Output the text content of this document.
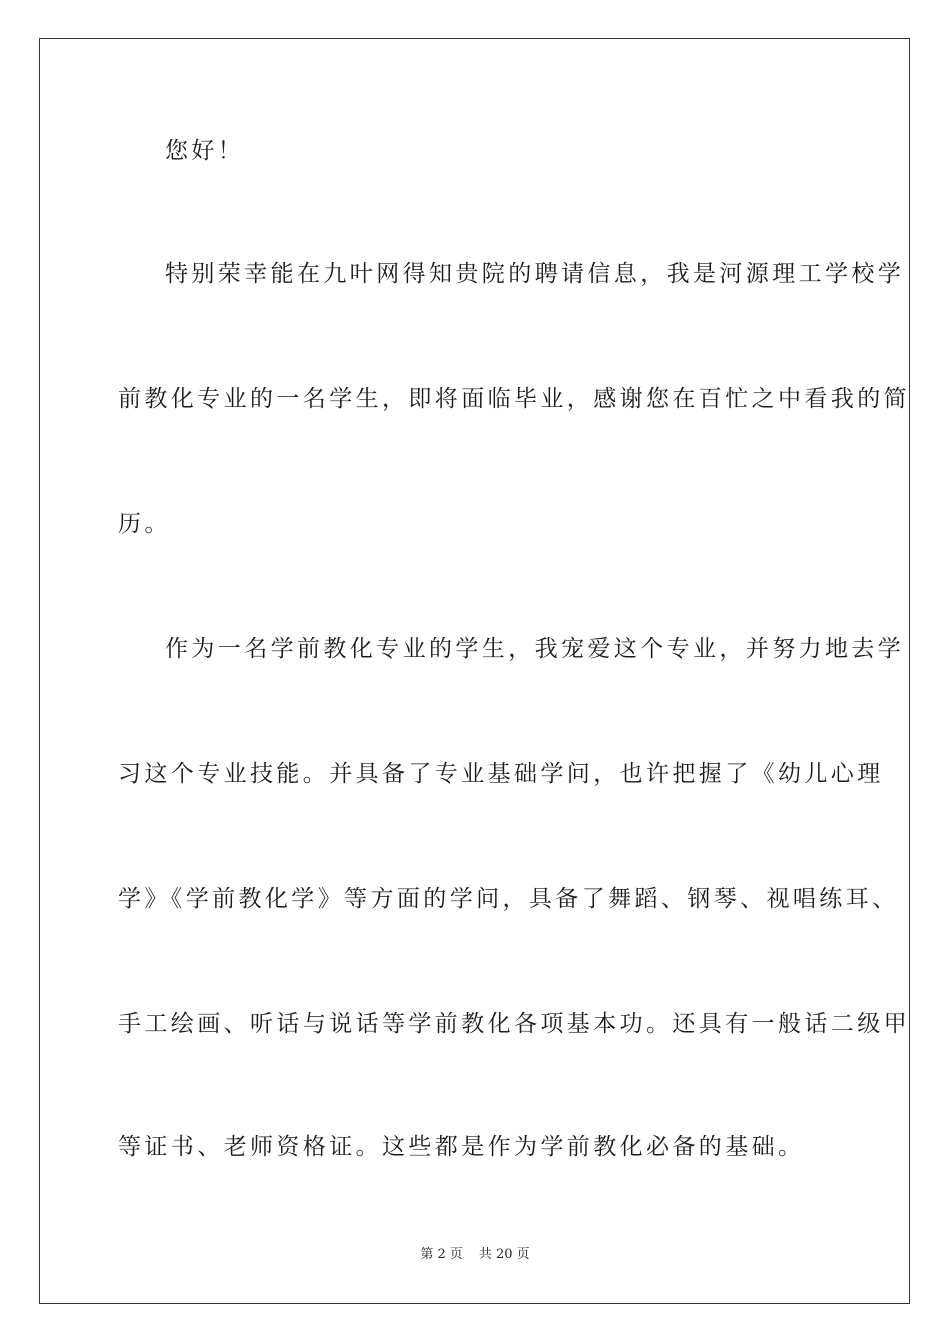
您好！
特别荣幸能在九叶网得知贵院的聘请信息，我是河源理工学校学
前教化专业的一名学生，即将面临毕业，感谢您在百忙之中看我的简
历。
作为一名学前教化专业的学生，我宠爱这个专业，并努力地去学
习这个专业技能。并具备了专业基础学问，也许把握了《幼儿心理
学》《学前教化学》等方面的学问，具备了舞蹈、钢琴、视唱练耳、
手工绘画、听话与说话等学前教化各项基本功。还具有一般话二级甲
等证书、老师资格证。这些都是作为学前教化必备的基础。
第 2 页 共 20 页
